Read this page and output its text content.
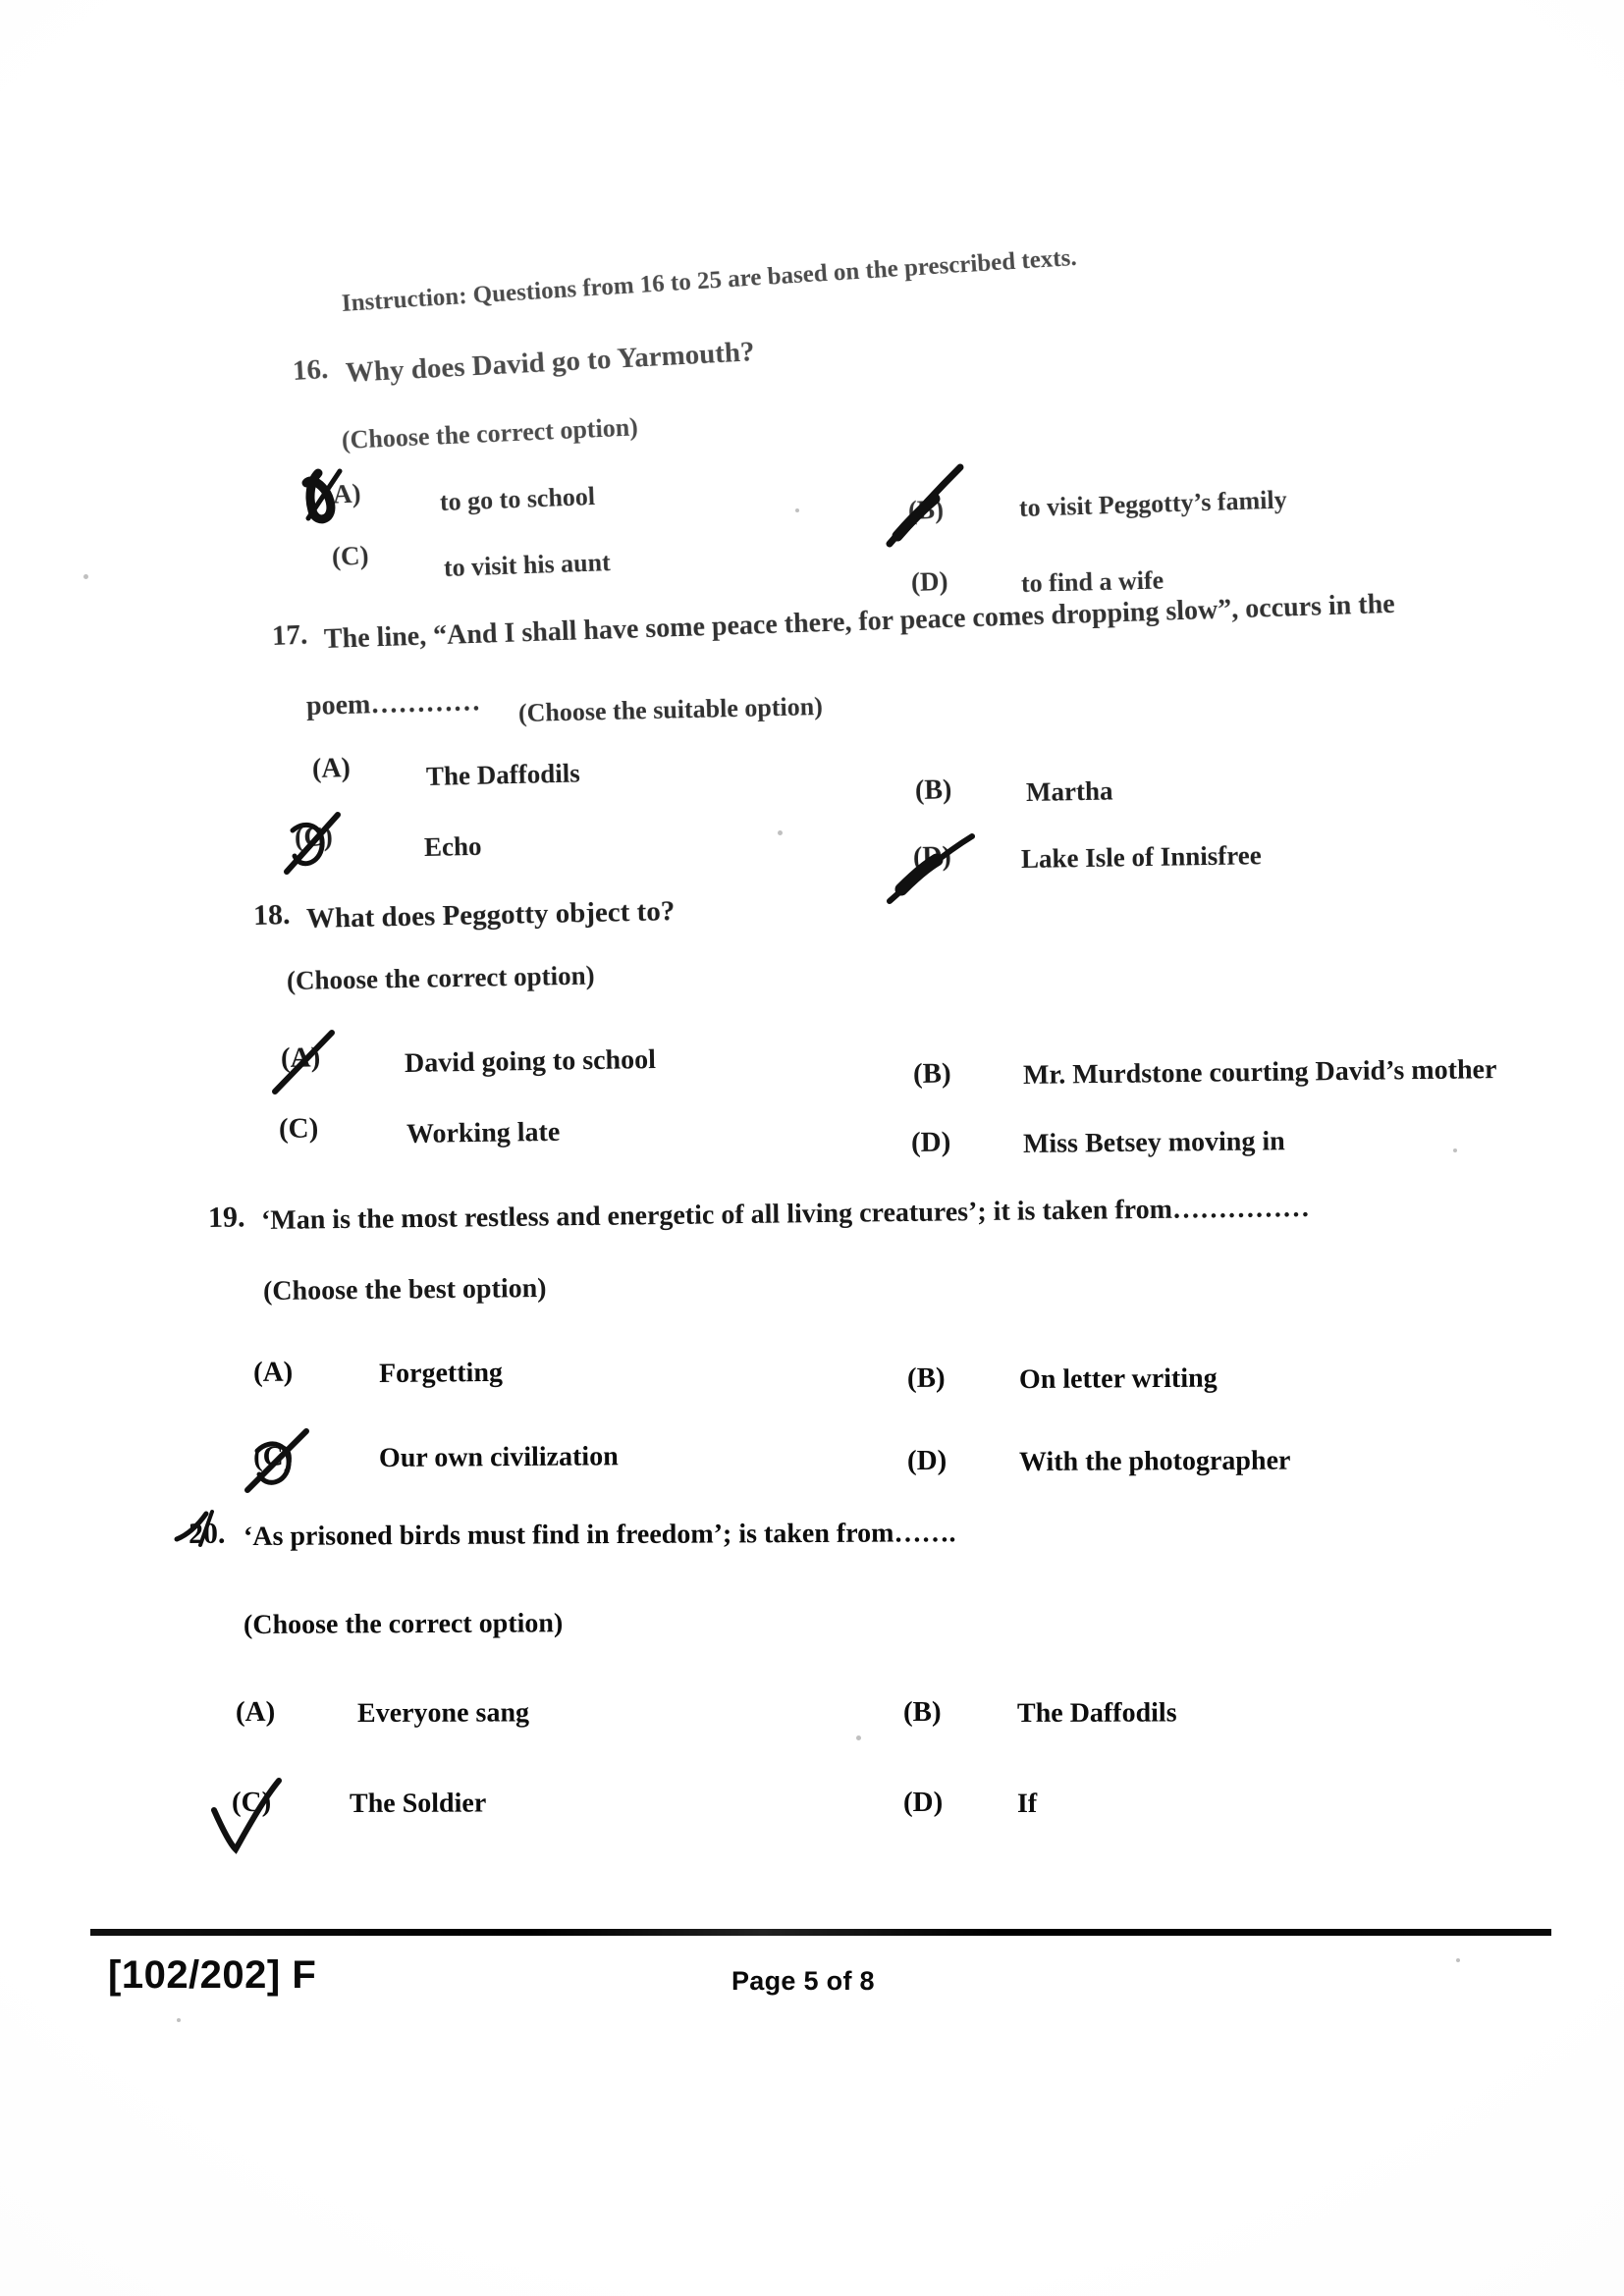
Instruction: Questions from 16 to 25 are based on the prescribed texts.
16. Why does David go to Yarmouth?
(Choose the correct option)
(A)	to go to school	(B)	to visit Peggotty’s family
(C)	to visit his aunt	(D)	to find a wife
17. The line, “And I shall have some peace there, for peace comes dropping slow”, occurs in the
poem………… (Choose the suitable option)
(A)	The Daffodils	(B)	Martha
(C)	Echo	(D)	Lake Isle of Innisfree
18. What does Peggotty object to?
(Choose the correct option)
(A)	David going to school	(B)	Mr. Murdstone courting David’s mother
(C)	Working late	(D)	Miss Betsey moving in
19. ‘Man is the most restless and energetic of all living creatures’; it is taken from……………
(Choose the best option)
(A)	Forgetting	(B)	On letter writing
(C)	Our own civilization	(D)	With the photographer
20. ‘As prisoned birds must find in freedom’; is taken from…….
(Choose the correct option)
(A)	Everyone sang	(B)	The Daffodils
(C)	The Soldier	(D)	If
[102/202] F	Page 5 of 8
